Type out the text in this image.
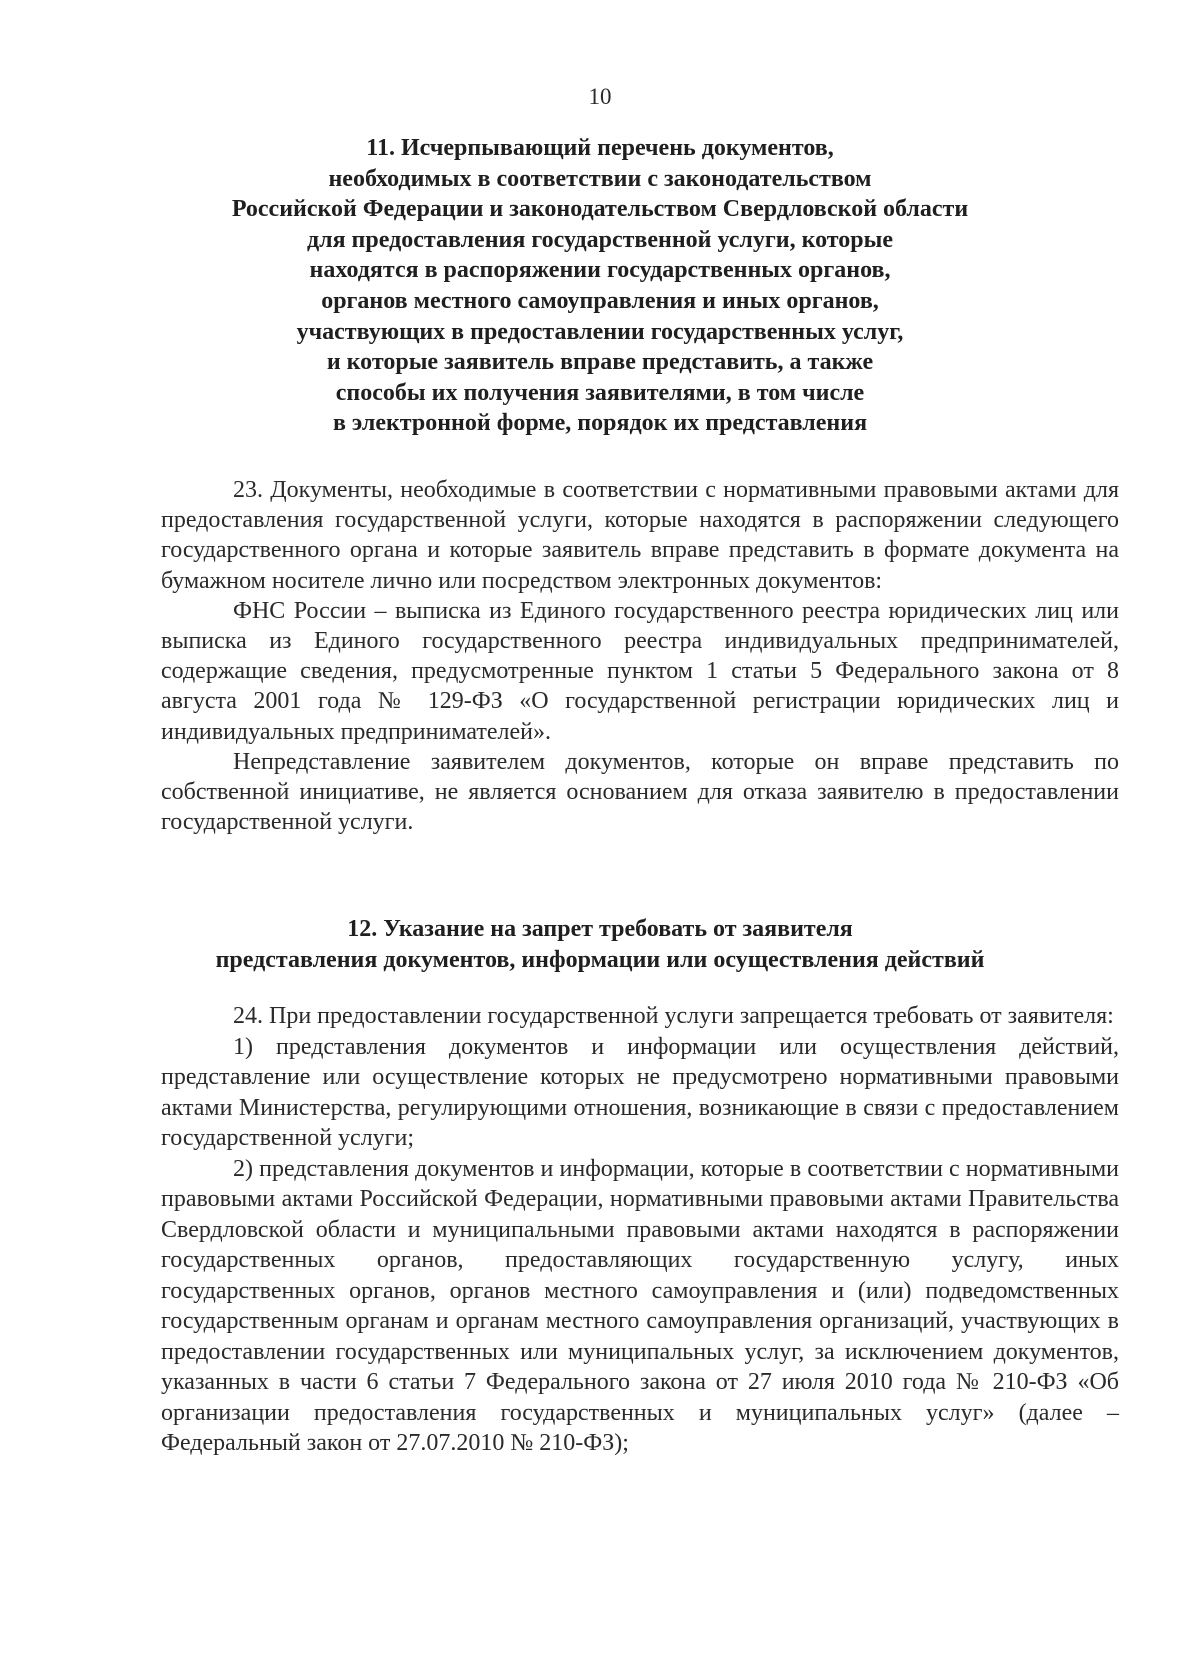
10
11. Исчерпывающий перечень документов,
необходимых в соответствии с законодательством
Российской Федерации и законодательством Свердловской области
для предоставления государственной услуги, которые
находятся в распоряжении государственных органов,
органов местного самоуправления и иных органов,
участвующих в предоставлении государственных услуг,
и которые заявитель вправе представить, а также
способы их получения заявителями, в том числе
в электронной форме, порядок их представления

23. Документы, необходимые в соответствии с нормативными правовыми актами для предоставления государственной услуги, которые находятся в распоряжении следующего государственного органа и которые заявитель вправе представить в формате документа на бумажном носителе лично или посредством электронных документов:

ФНС России – выписка из Единого государственного реестра юридических лиц или выписка из Единого государственного реестра индивидуальных предпринимателей, содержащие сведения, предусмотренные пунктом 1 статьи 5 Федерального закона от 8 августа 2001 года № 129-ФЗ «О государственной регистрации юридических лиц и индивидуальных предпринимателей».

Непредставление заявителем документов, которые он вправе представить по собственной инициативе, не является основанием для отказа заявителю в предоставлении государственной услуги.

12. Указание на запрет требовать от заявителя
представления документов, информации или осуществления действий

24. При предоставлении государственной услуги запрещается требовать от заявителя:

1) представления документов и информации или осуществления действий, представление или осуществление которых не предусмотрено нормативными правовыми актами Министерства, регулирующими отношения, возникающие в связи с предоставлением государственной услуги;

2) представления документов и информации, которые в соответствии с нормативными правовыми актами Российской Федерации, нормативными правовыми актами Правительства Свердловской области и муниципальными правовыми актами находятся в распоряжении государственных органов, предоставляющих государственную услугу, иных государственных органов, органов местного самоуправления и (или) подведомственных государственным органам и органам местного самоуправления организаций, участвующих в предоставлении государственных или муниципальных услуг, за исключением документов, указанных в части 6 статьи 7 Федерального закона от 27 июля 2010 года № 210-ФЗ «Об организации предоставления государственных и муниципальных услуг» (далее – Федеральный закон от 27.07.2010 № 210-ФЗ);
